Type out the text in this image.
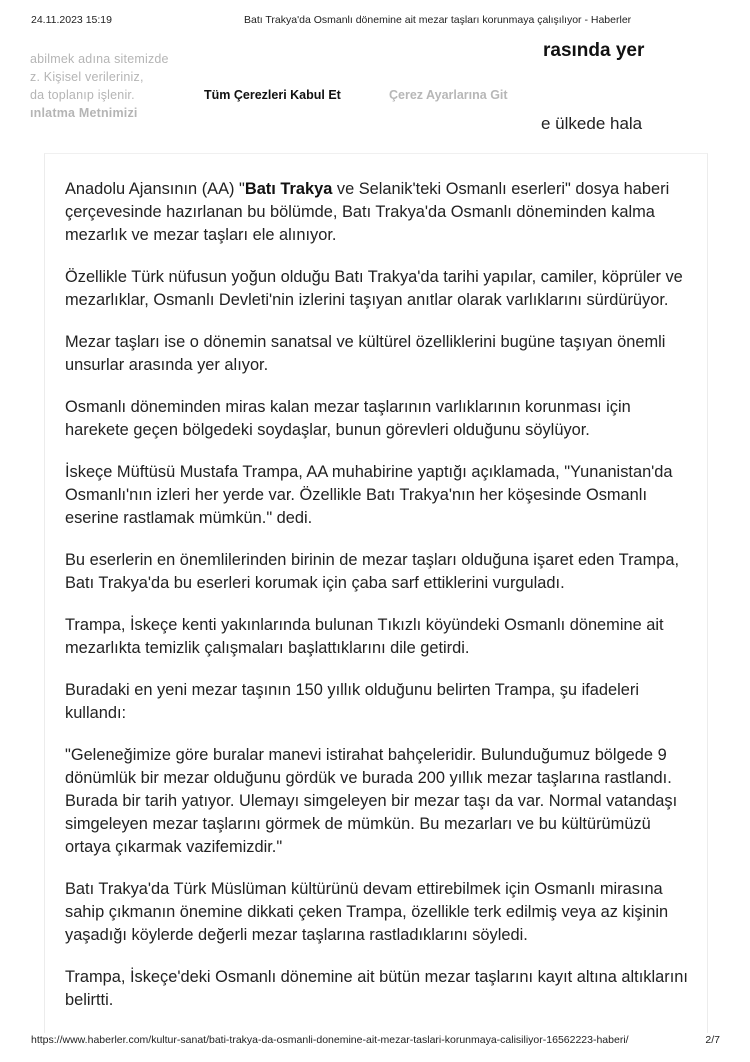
24.11.2023 15:19	Batı Trakya'da Osmanlı dönemine ait mezar taşları korunmaya çalışılıyor - Haberler
rasında yer
e ülkede hala
abilmek adına sitemizde
z. Kişisel verileriniz,
da toplanıp işlenir.
ınlatma Metnimizi
Tüm Çerezleri Kabul Et	Çerez Ayarlarına Git

Anadolu Ajansının (AA) "Batı Trakya ve Selanik'teki Osmanlı eserleri" dosya haberi çerçevesinde hazırlanan bu bölümde, Batı Trakya'da Osmanlı döneminden kalma mezarlık ve mezar taşları ele alınıyor.

Özellikle Türk nüfusun yoğun olduğu Batı Trakya'da tarihi yapılar, camiler, köprüler ve mezarlıklar, Osmanlı Devleti'nin izlerini taşıyan anıtlar olarak varlıklarını sürdürüyor.

Mezar taşları ise o dönemin sanatsal ve kültürel özelliklerini bugüne taşıyan önemli unsurlar arasında yer alıyor.

Osmanlı döneminden miras kalan mezar taşlarının varlıklarının korunması için harekete geçen bölgedeki soydaşlar, bunun görevleri olduğunu söylüyor.

İskeçe Müftüsü Mustafa Trampa, AA muhabirine yaptığı açıklamada, "Yunanistan'da Osmanlı'nın izleri her yerde var. Özellikle Batı Trakya'nın her köşesinde Osmanlı eserine rastlamak mümkün." dedi.

Bu eserlerin en önemlilerinden birinin de mezar taşları olduğuna işaret eden Trampa, Batı Trakya'da bu eserleri korumak için çaba sarf ettiklerini vurguladı.

Trampa, İskeçe kenti yakınlarında bulunan Tıkızlı köyündeki Osmanlı dönemine ait mezarlıkta temizlik çalışmaları başlattıklarını dile getirdi.

Buradaki en yeni mezar taşının 150 yıllık olduğunu belirten Trampa, şu ifadeleri kullandı:

"Geleneğimize göre buralar manevi istirahat bahçeleridir. Bulunduğumuz bölgede 9 dönümlük bir mezar olduğunu gördük ve burada 200 yıllık mezar taşlarına rastlandı. Burada bir tarih yatıyor. Ulemayı simgeleyen bir mezar taşı da var. Normal vatandaşı simgeleyen mezar taşlarını görmek de mümkün. Bu mezarları ve bu kültürümüzü ortaya çıkarmak vazifemizdir."

Batı Trakya'da Türk Müslüman kültürünü devam ettirebilmek için Osmanlı mirasına sahip çıkmanın önemine dikkati çeken Trampa, özellikle terk edilmiş veya az kişinin yaşadığı köylerde değerli mezar taşlarına rastladıklarını söyledi.

Trampa, İskeçe'deki Osmanlı dönemine ait bütün mezar taşlarını kayıt altına altıklarını belirtti.

https://www.haberler.com/kultur-sanat/bati-trakya-da-osmanli-donemine-ait-mezar-taslari-korunmaya-calisiliyor-16562223-haberi/	2/7
